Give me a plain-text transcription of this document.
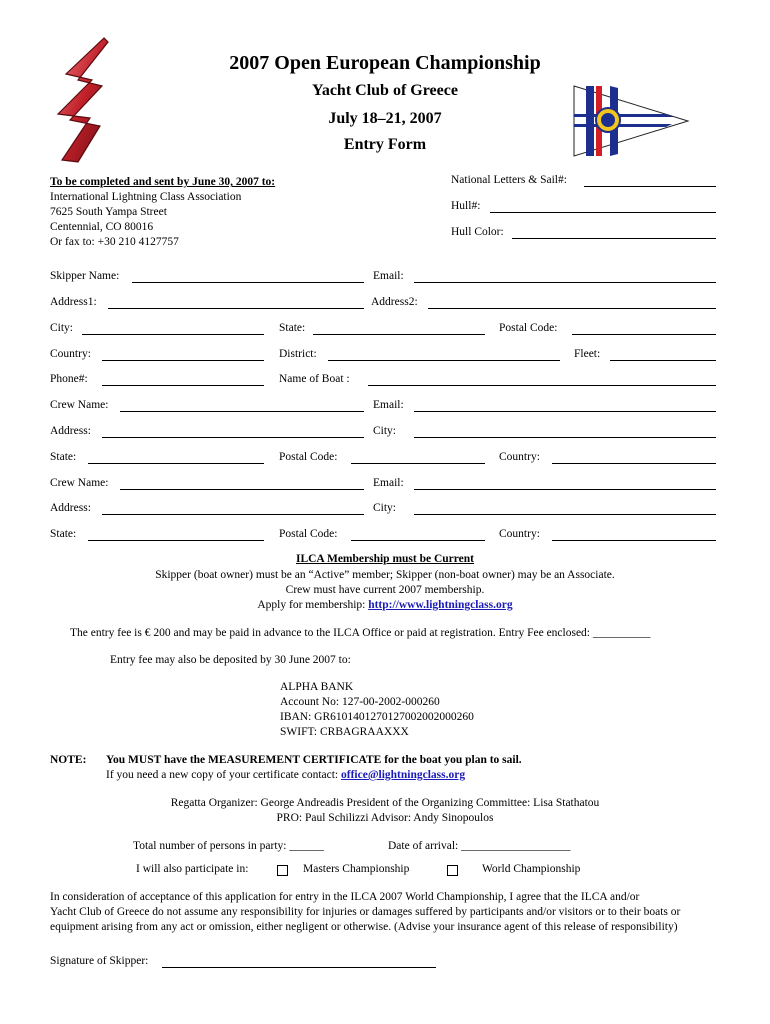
2007 Open European Championship
Yacht Club of Greece
July 18–21, 2007
Entry Form
To be completed and sent by June 30, 2007 to:
International Lightning Class Association
7625 South Yampa Street
Centennial, CO 80016
Or fax to: +30 210 4127757
National Letters & Sail#:
Hull#:
Hull Color:
Skipper Name:	Email:
Address1:	Address2:
City:	State:	Postal Code:
Country:	District:	Fleet:
Phone#:	Name of Boat :
Crew Name:	Email:
Address:	City:
State:	Postal Code:	Country:
Crew Name:	Email:
Address:	City:
State:	Postal Code:	Country:
ILCA Membership must be Current
Skipper (boat owner) must be an “Active” member; Skipper (non-boat owner) may be an Associate.
Crew must have current 2007 membership.
Apply for membership: http://www.lightningclass.org
The entry fee is € 200 and may be paid in advance to the ILCA Office or paid at registration. Entry Fee enclosed: __________
Entry fee may also be deposited by 30 June 2007 to:
ALPHA BANK
Account No: 127-00-2002-000260
IBAN: GR6101401270127002002000260
SWIFT: CRBAGRAAXXX
NOTE: You MUST have the MEASUREMENT CERTIFICATE for the boat you plan to sail.
If you need a new copy of your certificate contact: office@lightningclass.org
Regatta Organizer: George Andreadis President of the Organizing Committee: Lisa Stathatou
PRO: Paul Schilizzi Advisor: Andy Sinopoulos
Total number of persons in party: ______	Date of arrival: ___________________
I will also participate in:	Masters Championship	World Championship
In consideration of acceptance of this application for entry in the ILCA 2007 World Championship, I agree that the ILCA and/or
Yacht Club of Greece do not assume any responsibility for injuries or damages suffered by participants and/or visitors or to their boats or
equipment arising from any act or omission, either negligent or otherwise. (Advise your insurance agent of this release of responsibility)
Signature of Skipper:
